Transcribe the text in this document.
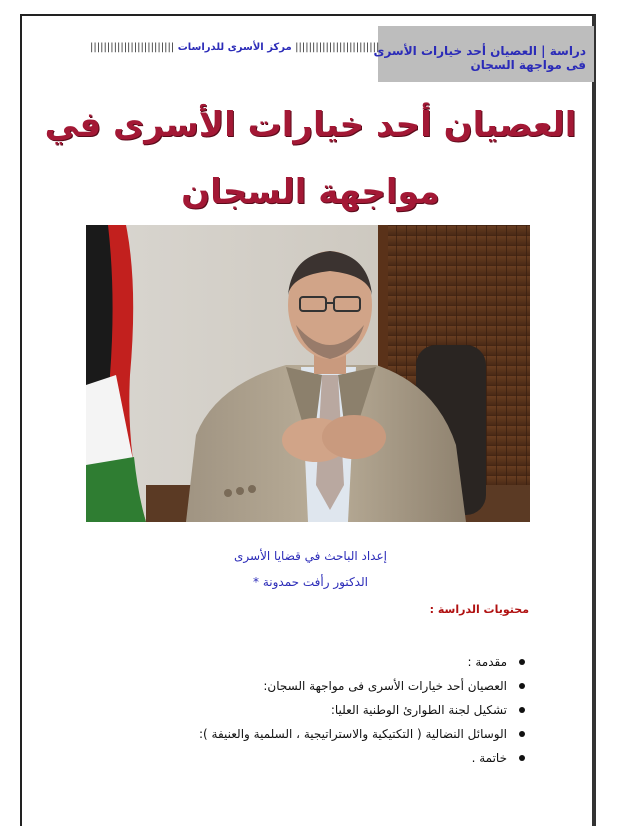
دراسة | العصيان أحد خيارات الأسرى
فى مواجهة السجان
||||||||||||||||||||||||| مركز الأسرى للدراسات |||||||||||||||||||||||||
العصيان أحد خيارات الأسرى في
مواجهة السجان
إعداد الباحث في قضايا الأسرى
الدكتور رأفت حمدونة *
محتويات الدراسة :
مقدمة :
العصيان أحد خيارات الأسرى فى مواجهة السجان:
تشكيل لجنة الطوارئ الوطنية العليا:
الوسائل النضالية ( التكتيكية والاستراتيجية ، السلمية والعنيفة ):
خاتمة .
